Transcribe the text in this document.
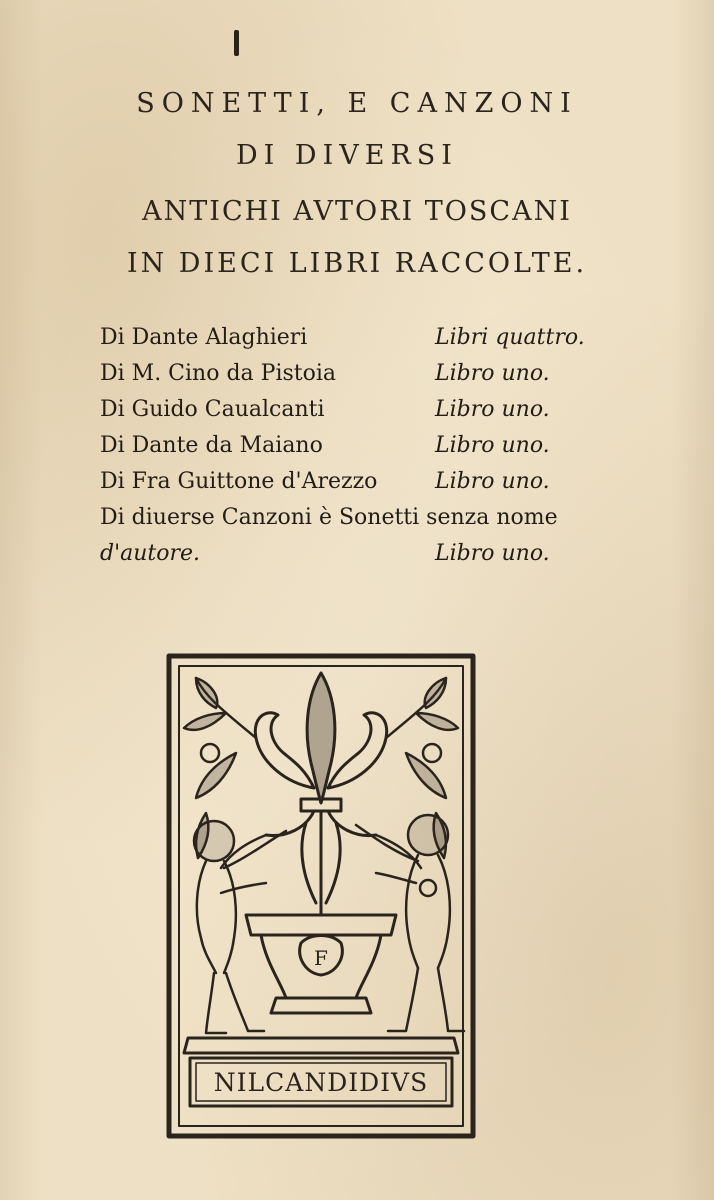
SONETTI, E CANZONI
DI DIVERSI
ANTICHI AVTORI TOSCANI
IN DIECI LIBRI RACCOLTE.
Di Dante Alaghieri	Libri quattro.
Di M. Cino da Pistoia	Libro uno.
Di Guido Caualcanti	Libro uno.
Di Dante da Maiano	Libro uno.
Di Fra Guittone d'Arezzo	Libro uno.
Di diuerse Canzoni è Sonetti senza nome
d'autore.	Libro uno.
F
NILCANDIDIVS
